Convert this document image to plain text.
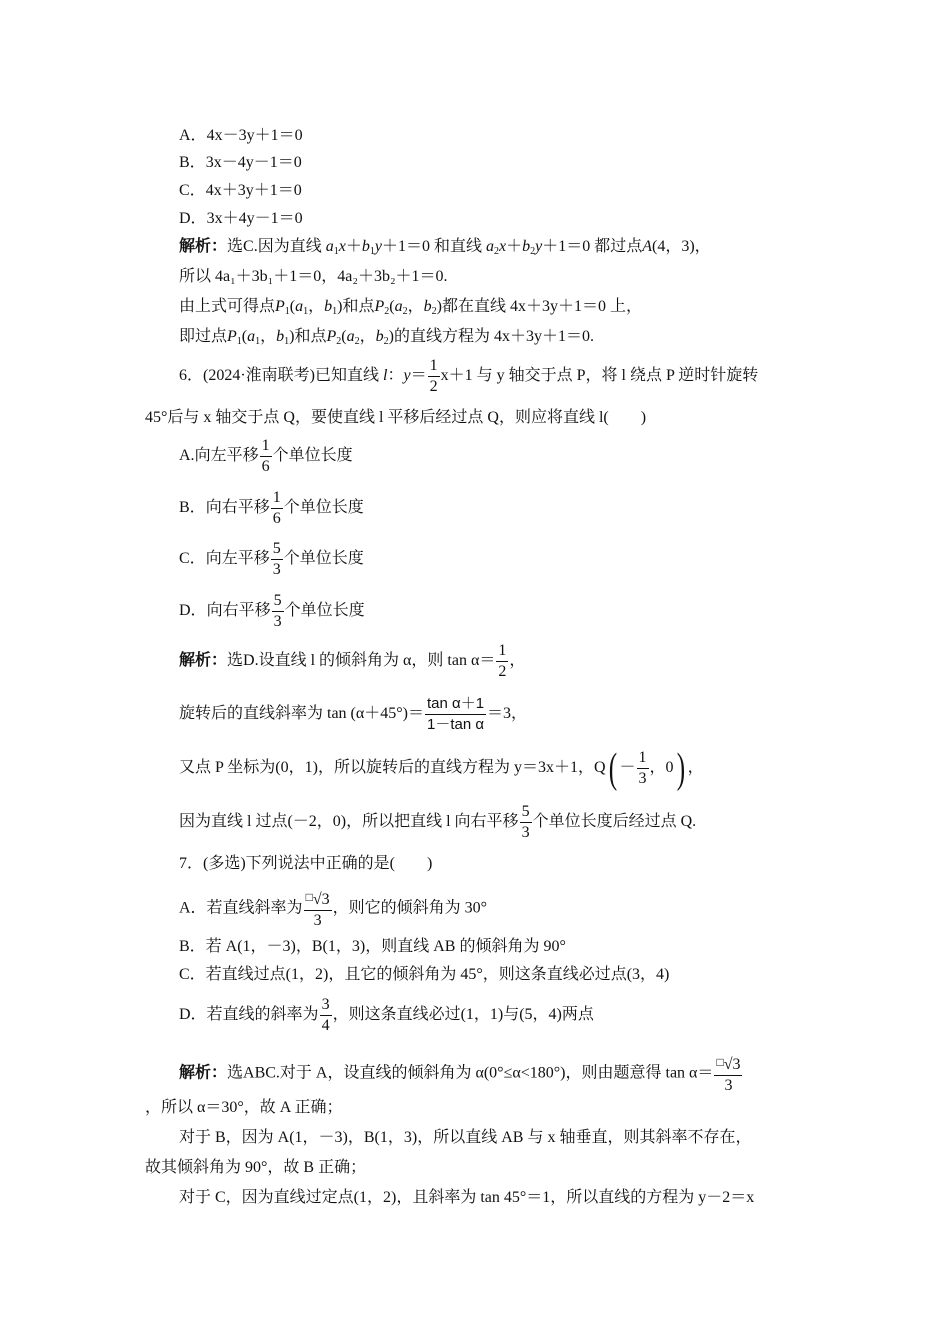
A．4x－3y＋1＝0
B．3x－4y－1＝0
C．4x＋3y＋1＝0
D．3x＋4y－1＝0
解析：选C.因为直线 $a_1x+b_1y+1=0$ 和直线 $a_2x+b_2y+1=0$ 都过点A(4，3)，
所以 4a₁＋3b₁＋1＝0，4a₂＋3b₂＋1＝0.
由上式可得点$P_1(a_1$，$b_1$)和点$P_2(a_2$，$b_2$)都在直线 4x＋3y＋1＝0 上，
即过点$P_1(a_1$，$b_1$)和点$P_2(a_2$，$b_2$)的直线方程为 4x＋3y＋1＝0.
6．(2024·淮南联考)已知直线 l：$y= \frac{1}{2} x+1$ 与 y 轴交于点 P，将 l 绕点 P 逆时针旋转
45°后与 x 轴交于点 Q，要使直线 l 平移后经过点 Q，则应将直线 l(　　)
A.向左平移 $\frac{1}{6}$ 个单位长度
B．向右平移 $\frac{1}{6}$ 个单位长度
C．向左平移 $\frac{5}{3}$ 个单位长度
D．向右平移 $\frac{5}{3}$ 个单位长度
解析：选D.设直线 l 的倾斜角为 α，则 $\tan \alpha= \frac{1}{2}$ ，
旋转后的直线斜率为 $\tan (\alpha+45^\circ)= \frac{\text{tan α＋1}}{\text{1－tan α}} =3$，
又点 P 坐标为(0，1)，所以旋转后的直线方程为 y＝3x＋1，$Q( - \frac{1}{3}$ ，0) ，
因为直线 l 过点(－2，0)，所以把直线 l 向右平移 $\frac{5}{3}$ 个单位长度后经过点 Q.
7．(多选)下列说法中正确的是(　　)
A．若直线斜率为 $\frac{□√3}{3}$ ，则它的倾斜角为 30°
B．若 A(1，－3)，B(1，3)，则直线 AB 的倾斜角为 90°
C．若直线过点(1，2)，且它的倾斜角为 45°，则这条直线必过点(3，4)
D．若直线的斜率为 $\frac{3}{4}$ ，则这条直线必过(1，1)与(5，4)两点
解析：选ABC.对于 A，设直线的倾斜角为 α(0°≤α<180°)，则由题意得 $\tan \alpha= \frac{□√3}{3}$
，所以 α＝30°，故 A 正确；
对于 B，因为 A(1，－3)，B(1，3)，所以直线 AB 与 x 轴垂直，则其斜率不存在，
故其倾斜角为 90°，故 B 正确；
对于 C，因为直线过定点(1，2)，且斜率为 tan 45°＝1，所以直线的方程为 y－2＝x
